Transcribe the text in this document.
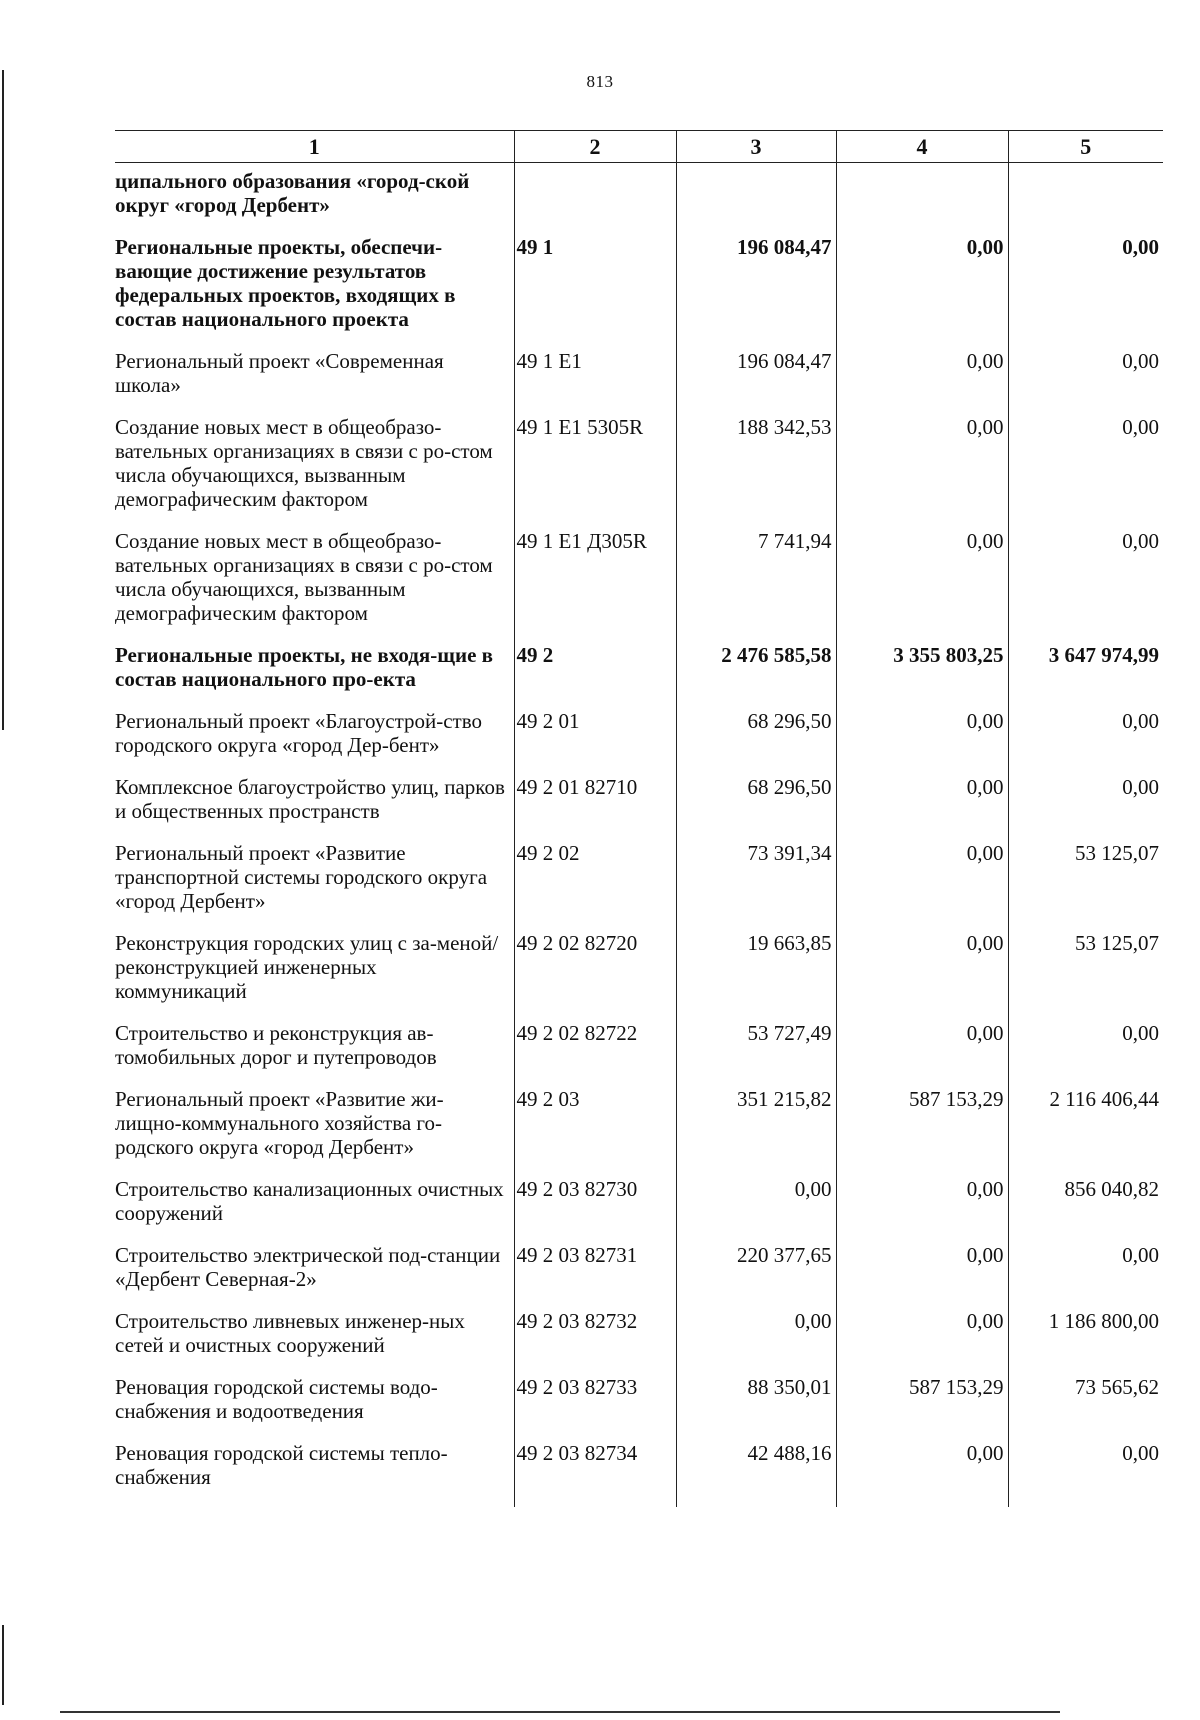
813
1	2	3	4	5
ципального образования «город-ской округ «город Дербент»				
Региональные проекты, обеспечи-вающие достижение результатов федеральных проектов, входящих в состав национального проекта	49 1	196 084,47	0,00	0,00
Региональный проект «Современная школа»	49 1 E1	196 084,47	0,00	0,00
Создание новых мест в общеобразо-вательных организациях в связи с ро-стом числа обучающихся, вызванным демографическим фактором	49 1 E1 5305R	188 342,53	0,00	0,00
Создание новых мест в общеобразо-вательных организациях в связи с ро-стом числа обучающихся, вызванным демографическим фактором	49 1 E1 Д305R	7 741,94	0,00	0,00
Региональные проекты, не входя-щие в состав национального про-екта	49 2	2 476 585,58	3 355 803,25	3 647 974,99
Региональный проект «Благоустрой-ство городского округа «город Дер-бент»	49 2 01	68 296,50	0,00	0,00
Комплексное благоустройство улиц, парков и общественных пространств	49 2 01 82710	68 296,50	0,00	0,00
Региональный проект «Развитие транспортной системы городского округа «город Дербент»	49 2 02	73 391,34	0,00	53 125,07
Реконструкция городских улиц с за-меной/реконструкцией инженерных коммуникаций	49 2 02 82720	19 663,85	0,00	53 125,07
Строительство и реконструкция ав-томобильных дорог и путепроводов	49 2 02 82722	53 727,49	0,00	0,00
Региональный проект «Развитие жи-лищно-коммунального хозяйства го-родского округа «город Дербент»	49 2 03	351 215,82	587 153,29	2 116 406,44
Строительство канализационных очистных сооружений	49 2 03 82730	0,00	0,00	856 040,82
Строительство электрической под-станции «Дербент Северная-2»	49 2 03 82731	220 377,65	0,00	0,00
Строительство ливневых инженер-ных сетей и очистных сооружений	49 2 03 82732	0,00	0,00	1 186 800,00
Реновация городской системы водо-снабжения и водоотведения	49 2 03 82733	88 350,01	587 153,29	73 565,62
Реновация городской системы тепло-снабжения	49 2 03 82734	42 488,16	0,00	0,00
